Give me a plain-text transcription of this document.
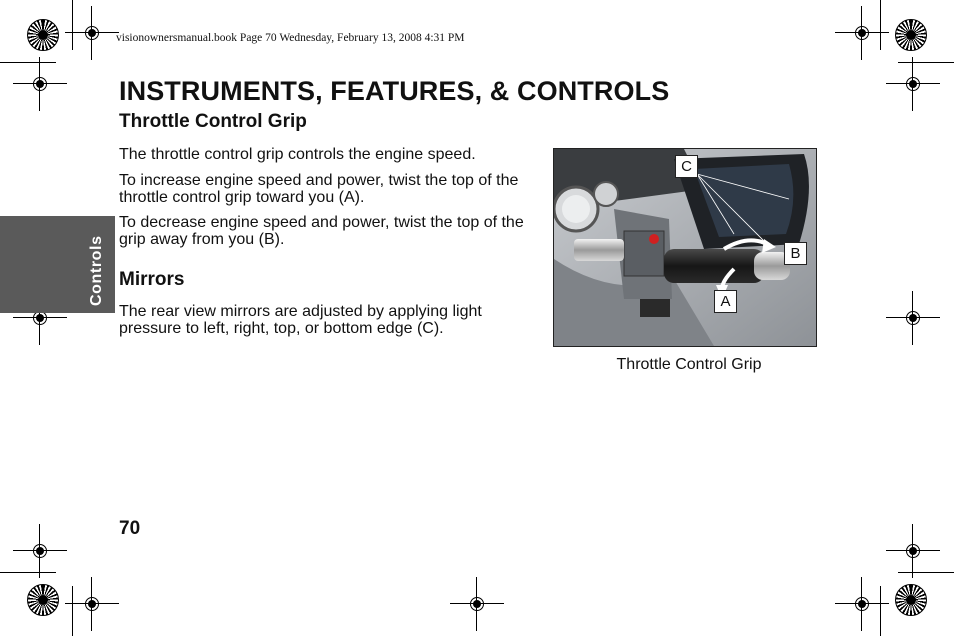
visionownersmanual.book Page 70 Wednesday, February 13, 2008 4:31 PM
Controls
INSTRUMENTS, FEATURES, & CONTROLS
Throttle Control Grip
The throttle control grip controls the engine speed.
To increase engine speed and power, twist the top of the throttle control grip toward you (A).
To decrease engine speed and power, twist the top of the grip away from you (B).
Mirrors
The rear view mirrors are adjusted by applying light pressure to left, right, top, or bottom edge (C).
C
B
A
Throttle Control Grip
70
